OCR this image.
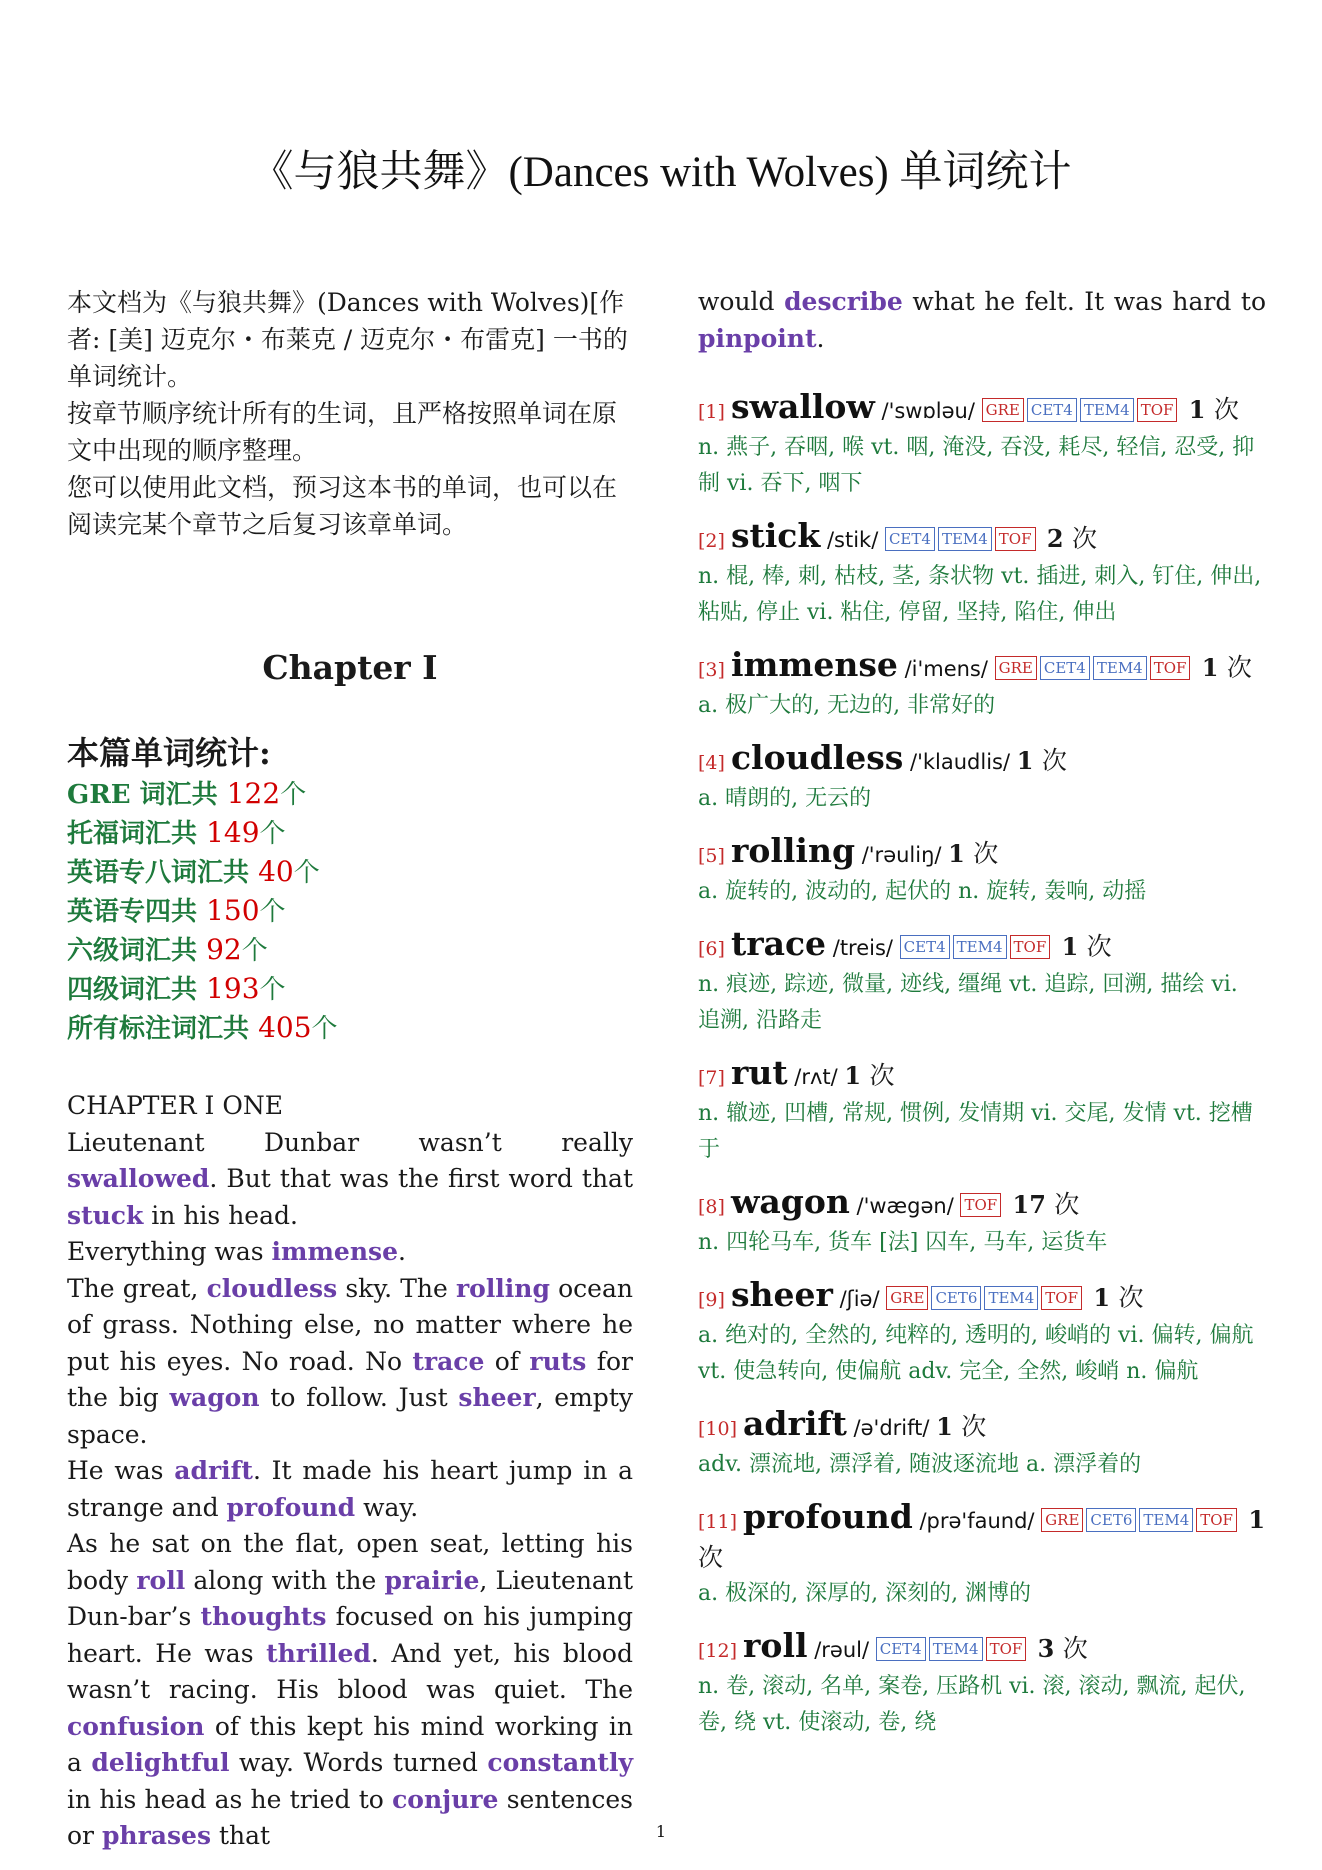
《与狼共舞》(Dances with Wolves) 单词统计

本文档为《与狼共舞》(Dances with Wolves)[作者: [美] 迈克尔・布莱克 / 迈克尔・布雷克] 一书的单词统计。

按章节顺序统计所有的生词，且严格按照单词在原文中出现的顺序整理。

您可以使用此文档，预习这本书的单词，也可以在阅读完某个章节之后复习该章单词。

Chapter I
本篇单词统计:
GRE 词汇共 122个
托福词汇共 149个
英语专八词汇共 40个
英语专四共 150个
六级词汇共 92个
四级词汇共 193个
所有标注词汇共 405个
CHAPTER I ONE

Lieutenant Dunbar wasn’t really swallowed. But that was the first word that stuck in his head.

Everything was immense.

The great, cloudless sky. The rolling ocean of grass. Nothing else, no matter where he put his eyes. No road. No trace of ruts for the big wagon to follow. Just sheer, empty space.

He was adrift. It made his heart jump in a strange and profound way.

As he sat on the flat, open seat, letting his body roll along with the prairie, Lieutenant Dun-bar’s thoughts focused on his jumping heart. He was thrilled. And yet, his blood wasn’t racing. His blood was quiet. The confusion of this kept his mind working in a delightful way. Words turned constantly in his head as he tried to conjure sentences or phrases that

would describe what he felt. It was hard to pinpoint.
[1] swallow /'swɒləu/ GRE CET4 TEM4 TOF 1 次
n. 燕子, 吞咽, 喉 vt. 咽, 淹没, 吞没, 耗尽, 轻信, 忍受, 抑制 vi. 吞下, 咽下
[2] stick /stik/ CET4 TEM4 TOF 2 次
n. 棍, 棒, 刺, 枯枝, 茎, 条状物 vt. 插进, 刺入, 钉住, 伸出, 粘贴, 停止 vi. 粘住, 停留, 坚持, 陷住, 伸出
[3] immense /i'mens/ GRE CET4 TEM4 TOF 1 次
a. 极广大的, 无边的, 非常好的
[4] cloudless /'klaudlis/ 1 次
a. 晴朗的, 无云的
[5] rolling /'rəuliŋ/ 1 次
a. 旋转的, 波动的, 起伏的 n. 旋转, 轰响, 动摇
[6] trace /treis/ CET4 TEM4 TOF 1 次
n. 痕迹, 踪迹, 微量, 迹线, 缰绳 vt. 追踪, 回溯, 描绘 vi. 追溯, 沿路走
[7] rut /rʌt/ 1 次
n. 辙迹, 凹槽, 常规, 惯例, 发情期 vi. 交尾, 发情 vt. 挖槽于
[8] wagon /'wægən/ TOF 17 次
n. 四轮马车, 货车 [法] 囚车, 马车, 运货车
[9] sheer /ʃiə/ GRE CET6 TEM4 TOF 1 次
a. 绝对的, 全然的, 纯粹的, 透明的, 峻峭的 vi. 偏转, 偏航 vt. 使急转向, 使偏航 adv. 完全, 全然, 峻峭 n. 偏航
[10] adrift /ə'drift/ 1 次
adv. 漂流地, 漂浮着, 随波逐流地 a. 漂浮着的
[11] profound /prə'faund/ GRE CET6 TEM4 TOF 1 次
a. 极深的, 深厚的, 深刻的, 渊博的
[12] roll /rəul/ CET4 TEM4 TOF 3 次
n. 卷, 滚动, 名单, 案卷, 压路机 vi. 滚, 滚动, 飘流, 起伏, 卷, 绕 vt. 使滚动, 卷, 绕
1
